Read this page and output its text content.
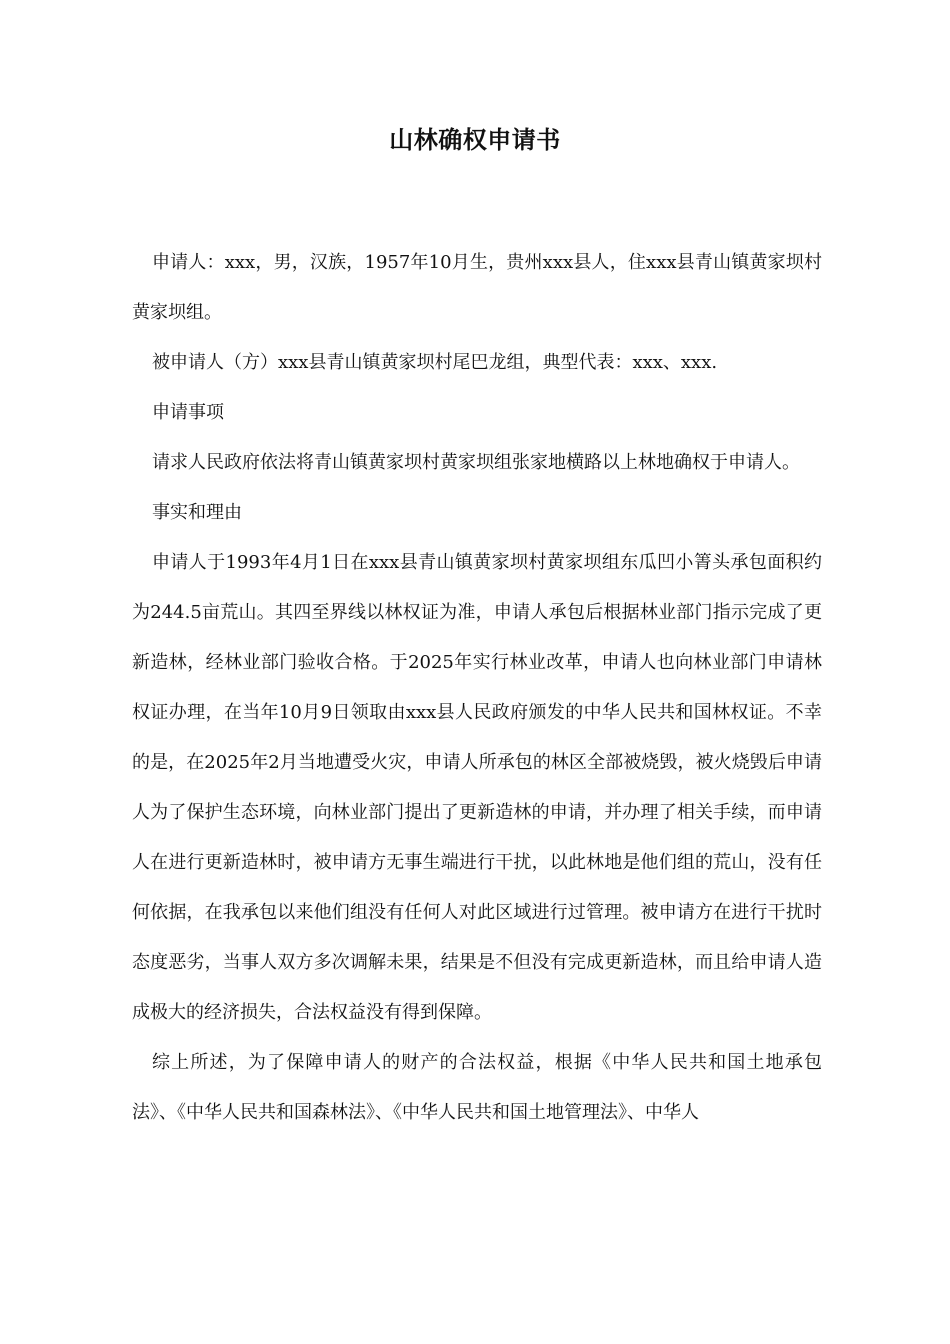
山林确权申请书

申请人：xxx，男，汉族，1957年10月生，贵州xxx县人，住xxx县青山镇黄家坝村黄家坝组。

被申请人（方）xxx县青山镇黄家坝村尾巴龙组，典型代表：xxx、xxx.

申请事项

请求人民政府依法将青山镇黄家坝村黄家坝组张家地横路以上林地确权于申请人。

事实和理由

申请人于1993年4月1日在xxx县青山镇黄家坝村黄家坝组东瓜凹小箐头承包面积约为244.5亩荒山。其四至界线以林权证为准，申请人承包后根据林业部门指示完成了更新造林，经林业部门验收合格。于2025年实行林业改革，申请人也向林业部门申请林权证办理，在当年10月9日领取由xxx县人民政府颁发的中华人民共和国林权证。不幸的是，在2025年2月当地遭受火灾，申请人所承包的林区全部被烧毁，被火烧毁后申请人为了保护生态环境，向林业部门提出了更新造林的申请，并办理了相关手续，而申请人在进行更新造林时，被申请方无事生端进行干扰，以此林地是他们组的荒山，没有任何依据，在我承包以来他们组没有任何人对此区域进行过管理。被申请方在进行干扰时态度恶劣，当事人双方多次调解未果，结果是不但没有完成更新造林，而且给申请人造成极大的经济损失，合法权益没有得到保障。

综上所述，为了保障申请人的财产的合法权益，根据《中华人民共和国土地承包法》、《中华人民共和国森林法》、《中华人民共和国土地管理法》、中华人
